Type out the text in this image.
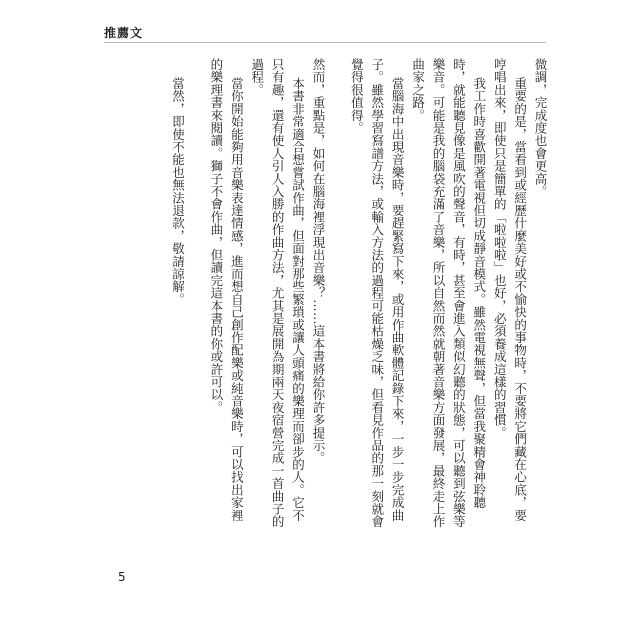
推薦文

微調，完成度也會更高。

重要的是，當看到或經歷什麼美好或不愉快的事物時，不要將它們藏在心底，要哼唱出來，即使只是簡單的「啦啦啦」也好，必須養成這樣的習慣。

我工作時喜歡開著電視但切成靜音模式。雖然電視無聲，但當我聚精會神聆聽時，就能聽見像是風吹的聲音，有時，甚至會進入類似幻聽的狀態，可以聽到弦樂等樂音。可能是我的腦袋充滿了音樂，所以自然而然就朝著音樂方面發展，最終走上作曲家之路。

當腦海中出現音樂時，要趕緊寫下來，或用作曲軟體記錄下來，一步一步完成曲子。雖然學習寫譜方法，或輸入方法的過程可能枯燥乏味，但看見作品的那一刻就會覺得很值得。

然而，重點是，如何在腦海裡浮現出音樂？……這本書將給你許多提示。

本書非常適合想嘗試作曲，但面對那些繁瑣或讓人頭痛的樂理而卻步的人。它不只有趣，還有使人引人入勝的作曲方法，尤其是展開為期兩天夜宿營完成一首曲子的過程。

當你開始能夠用音樂表達情感，進而想自己創作配樂或純音樂時，可以找出家裡的樂理書來閱讀。獅子不會作曲，但讀完這本書的你或許可以。

當然，即使不能也無法退款，敬請諒解。

5
